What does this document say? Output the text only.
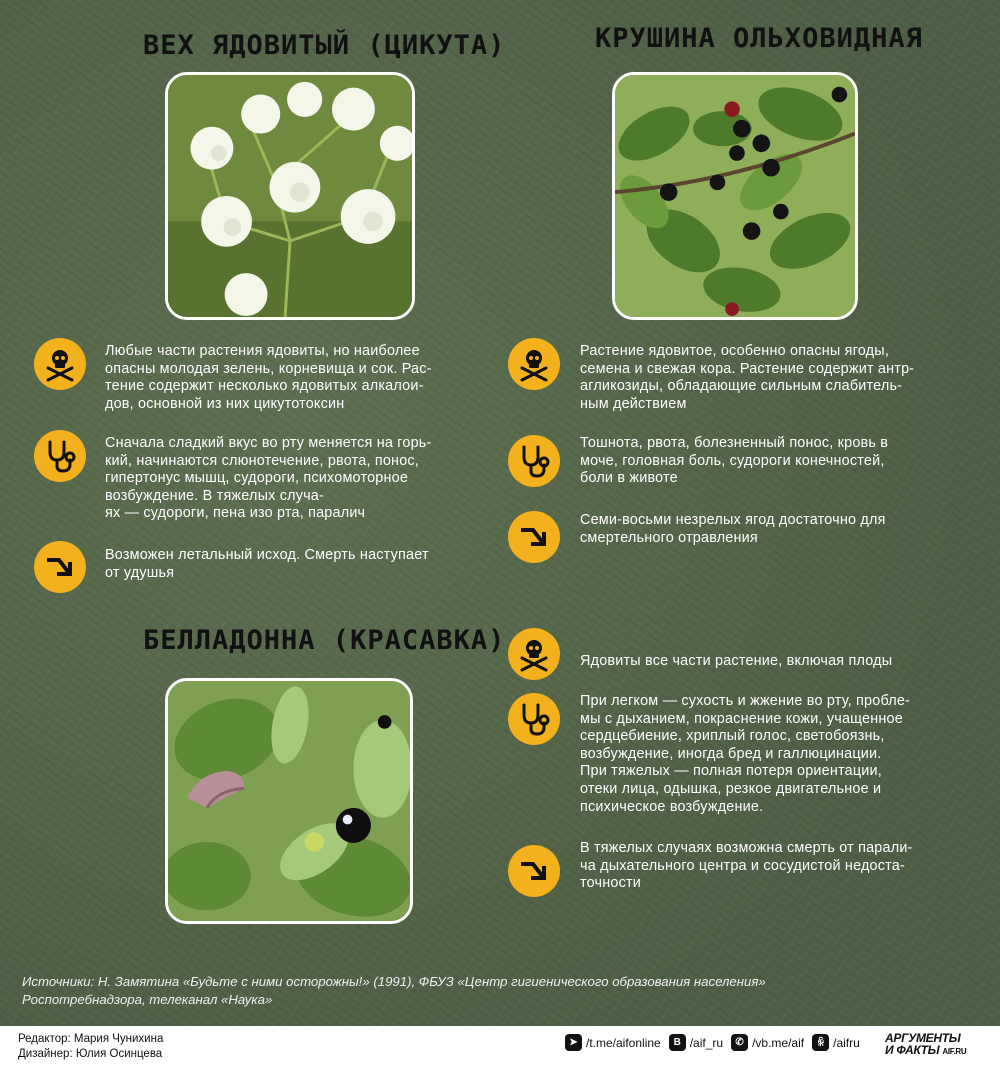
ВЕХ ЯДОВИТЫЙ (ЦИКУТА)	КРУШИНА ОЛЬХОВИДНАЯ
БЕЛЛАДОННА (КРАСАВКА)

Любые части растения ядовиты, но наиболее
опасны молодая зелень, корневища и сок. Рас-
тение содержит несколько ядовитых алкалои-
дов, основной из них цикутотоксин

Сначала сладкий вкус во рту меняется на горь-
кий, начинаются слюнотечение, рвота, понос,
гипертонус мышц, судороги, психомоторное
возбуждение. В тяжелых случа-
ях — судороги, пена изо рта, паралич

Возможен летальный исход. Смерть наступает
от удушья

Растение ядовитое, особенно опасны ягоды,
семена и свежая кора. Растение содержит антр-
агликозиды, обладающие сильным слабитель-
ным действием

Тошнота, рвота, болезненный понос, кровь в
моче, головная боль, судороги конечностей,
боли в животе

Семи-восьми незрелых ягод достаточно для
смертельного отравления

Ядовиты все части растение, включая плоды

При легком — сухость и жжение во рту, пробле-
мы с дыханием, покраснение кожи, учащенное
сердцебиение, хриплый голос, светобоязнь,
возбуждение, иногда бред и галлюцинации.
При тяжелых — полная потеря ориентации,
отеки лица, одышка, резкое двигательное и
психическое возбуждение.

В тяжелых случаях возможна смерть от парали-
ча дыхательного центра и сосудистой недоста-
точности

Источники: Н. Замятина «Будьте с ними осторожны!» (1991), ФБУЗ «Центр гигиенического образования населения»
Роспотребнадзора, телеканал «Наука»
Редактор: Мария Чунихина
Дизайнер: Юлия Осинцева
➤ /t.me/aifonline	В /aif_ru	✆ /vb.me/aif	ꆜ /aifru АРГУМЕНТЫ
И ФАКТЫ AIF.RU
